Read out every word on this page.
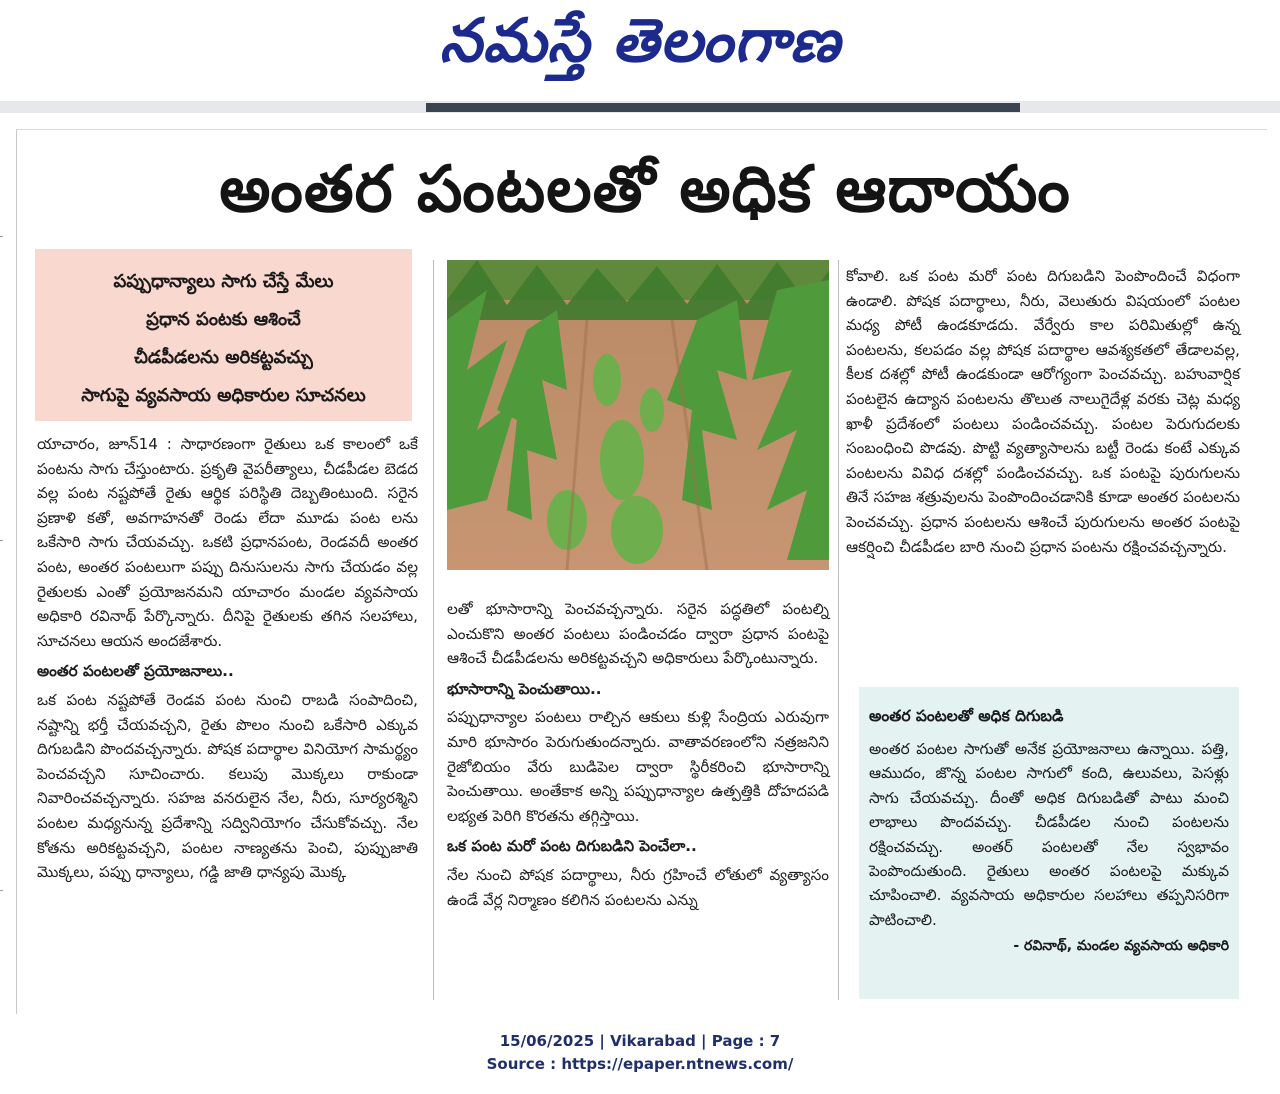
నమస్తే తెలంగాణ
అంతర పంటలతో అధిక ఆదాయం
పప్పుధాన్యాలు సాగు చేస్తే మేలు
ప్రధాన పంటకు ఆశించే
చీడపీడలను అరికట్టవచ్చు
సాగుపై వ్యవసాయ అధికారుల సూచనలు

యాచారం, జూన్14 : సాధారణంగా రైతులు ఒక కాలంలో ఒకే పంటను సాగు చేస్తుంటారు. ప్రకృతి వైపరీత్యాలు, చీడపీడల బెడద వల్ల పంట నష్టపోతే రైతు ఆర్థిక పరిస్థితి దెబ్బతింటుంది. సరైన ప్రణాళి కతో, అవగాహనతో రెండు లేదా మూడు పంట లను ఒకేసారి సాగు చేయవచ్చు. ఒకటి ప్రధానపంట, రెండవదీ అంతర పంట, అంతర పంటలుగా పప్పు దినుసులను సాగు చేయడం వల్ల రైతులకు ఎంతో ప్రయోజనమని యాచారం మండల వ్యవసాయ అధికారి రవినాథ్ పేర్కొన్నారు. దీనిపై రైతులకు తగిన సలహాలు, సూచనలు ఆయన అందజేశారు.

అంతర పంటలతో ప్రయోజనాలు..

ఒక పంట నష్టపోతే రెండవ పంట నుంచి రాబడి సంపాదించి, నష్టాన్ని భర్తీ చేయవచ్చని, రైతు పొలం నుంచి ఒకేసారి ఎక్కువ దిగుబడిని పొందవచ్చన్నారు. పోషక పదార్థాల వినియోగ సామర్థ్యం పెంచవచ్చని సూచించారు. కలుపు మొక్కలు రాకుండా నివారించవచ్చన్నారు. సహజ వనరులైన నేల, నీరు, సూర్యరశ్మిని పంటల మధ్యనున్న ప్రదేశాన్ని సద్వినియోగం చేసుకోవచ్చు. నేల కోతను అరికట్టవచ్చని, పంటల నాణ్యతను పెంచి, పుప్పుజాతి మొక్కలు, పప్పు ధాన్యాలు, గడ్డి జాతి ధాన్యపు మొక్క

లతో భూసారాన్ని పెంచవచ్చన్నారు. సరైన పద్ధతిలో పంటల్ని ఎంచుకొని అంతర పంటలు పండించడం ద్వారా ప్రధాన పంటపై ఆశించే చీడపీడలను అరికట్టవచ్చని అధికారులు పేర్కొంటున్నారు.

భూసారాన్ని పెంచుతాయి..

పప్పుధాన్యాల పంటలు రాల్చిన ఆకులు కుళ్లి సేంద్రియ ఎరువుగా మారి భూసారం పెరుగుతుందన్నారు. వాతావరణంలోని నత్రజనిని రైజోబియం వేరు బుడిపెల ద్వారా స్థిరీకరించి భూసారాన్ని పెంచుతాయి. అంతేకాక అన్ని పప్పుధాన్యాల ఉత్పత్తికి దోహదపడి లభ్యత పెరిగి కొరతను తగ్గిస్తాయి.

ఒక పంట మరో పంట దిగుబడిని పెంచేలా..

నేల నుంచి పోషక పదార్థాలు, నీరు గ్రహించే లోతులో వ్యత్యాసం ఉండే వేర్ల నిర్మాణం కలిగిన పంటలను ఎన్ను

కోవాలి. ఒక పంట మరో పంట దిగుబడిని పెంపొందించే విధంగా ఉండాలి. పోషక పదార్థాలు, నీరు, వెలుతురు విషయంలో పంటల మధ్య పోటీ ఉండకూడదు. వేర్వేరు కాల పరిమితుల్లో ఉన్న పంటలను, కలపడం వల్ల పోషక పదార్థాల ఆవశ్యకతలో తేడాలవల్ల, కీలక దశల్లో పోటీ ఉండకుండా ఆరోగ్యంగా పెంచవచ్చు. బహువార్షిక పంటలైన ఉద్యాన పంటలను తొలుత నాలుగైదేళ్ల వరకు చెట్ల మధ్య ఖాళీ ప్రదేశంలో పంటలు పండించవచ్చు. పంటల పెరుగుదలకు సంబంధించి పొడవు. పొట్టి వ్యత్యాసాలను బట్టీ రెండు కంటే ఎక్కువ పంటలను వివిధ దశల్లో పండించవచ్చు. ఒక పంటపై పురుగులను తినే సహజ శత్రువులను పెంపొందించడానికి కూడా అంతర పంటలను పెంచవచ్చు. ప్రధాన పంటలను ఆశించే పురుగులను అంతర పంటపై ఆకర్షించి చీడపీడల బారి నుంచి ప్రధాన పంటను రక్షించవచ్చన్నారు.

అంతర పంటలతో అధిక దిగుబడి
అంతర పంటల సాగుతో అనేక ప్రయోజనాలు ఉన్నాయి. పత్తి, ఆముదం, జొన్న పంటల సాగులో కంది, ఉలువలు, పెసళ్లు సాగు చేయవచ్చు. దీంతో అధిక దిగుబడితో పాటు మంచి లాభాలు పొందవచ్చు. చీడపీడల నుంచి పంటలను రక్షించవచ్చు. అంతర్ పంటలతో నేల స్వభావం పెంపొందుతుంది. రైతులు అంతర పంటలపై మక్కువ చూపించాలి. వ్యవసాయ అధికారుల సలహాలు తప్పనిసరిగా పాటించాలి.
- రవినాథ్, మండల వ్యవసాయ అధికారి
15/06/2025 | Vikarabad | Page : 7
Source : https://epaper.ntnews.com/
